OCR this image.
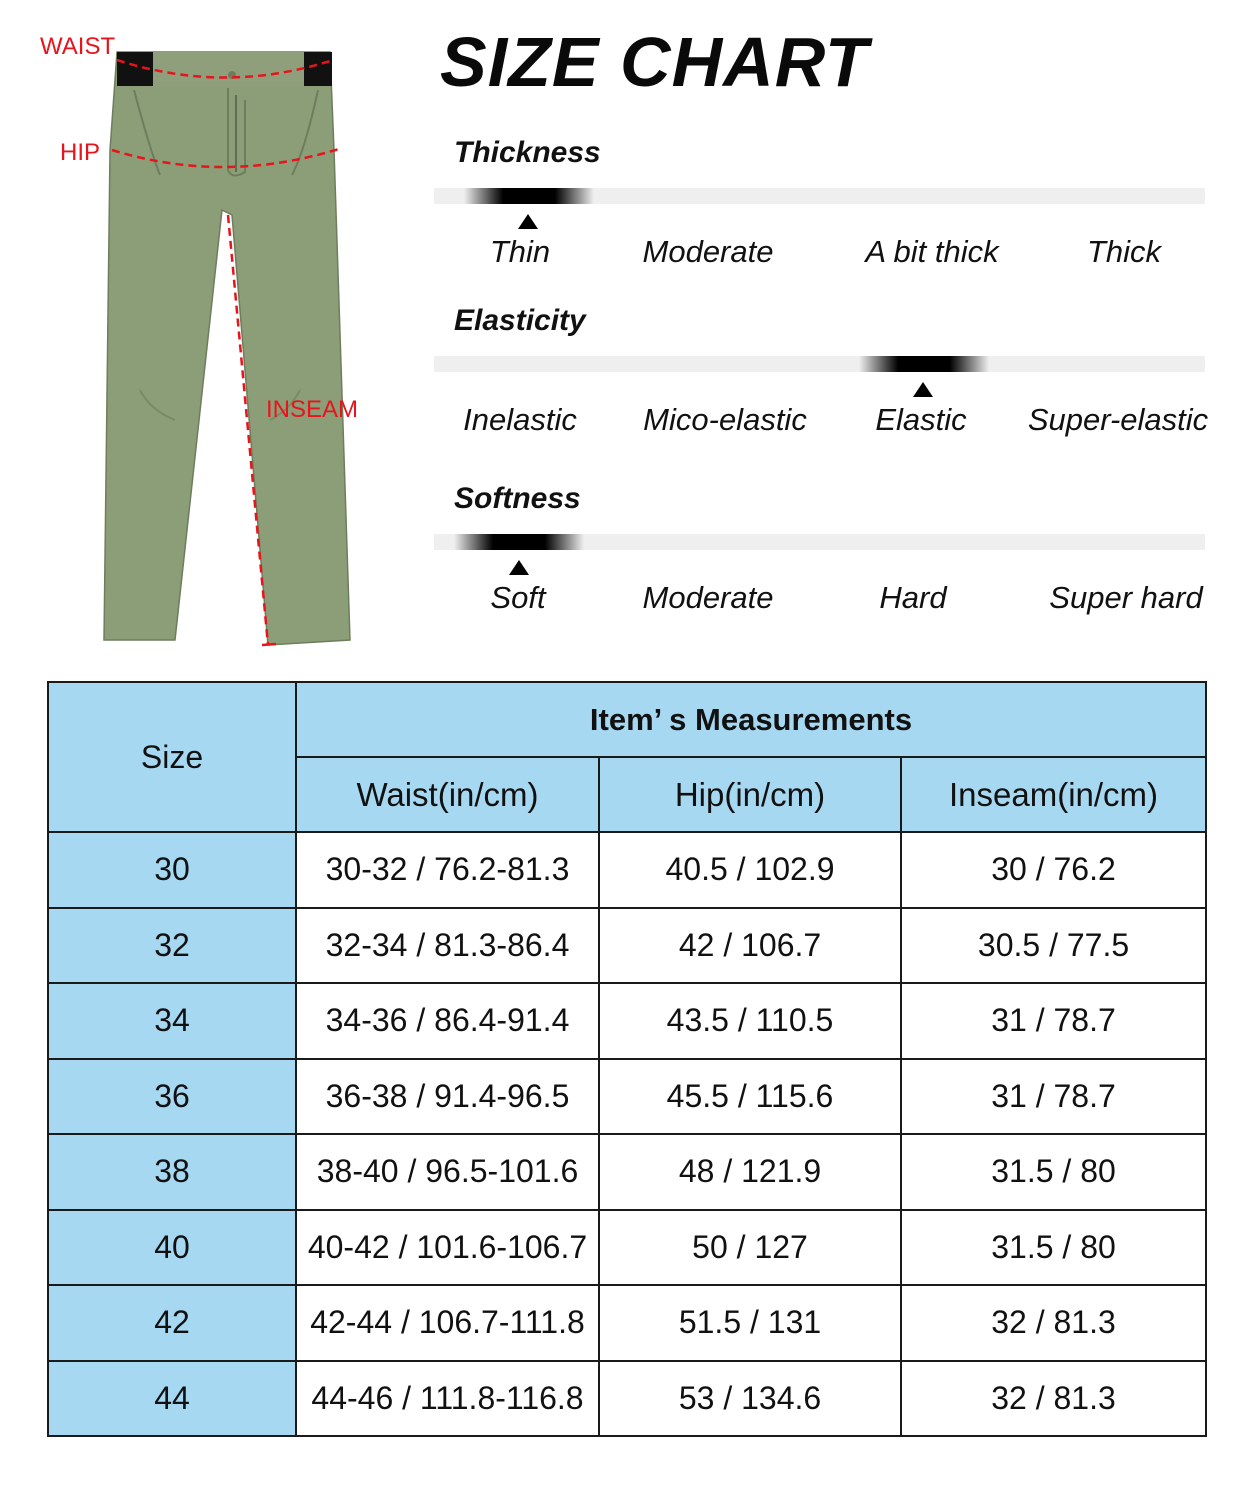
WAIST
HIP
INSEAM
SIZE CHART
Thickness
Thin	Moderate	A bit thick	Thick
Elasticity
Inelastic Mico-elastic Elastic Super-elastic
Softness
Soft	Moderate	Hard	Super hard
Size	Item’ s Measurements		
	Waist(in/cm)	Hip(in/cm)	Inseam(in/cm)
30	30-32 / 76.2-81.3	40.5 / 102.9	30 / 76.2
32	32-34 / 81.3-86.4	42 / 106.7	30.5 / 77.5
34	34-36 / 86.4-91.4	43.5 / 110.5	31 / 78.7
36	36-38 / 91.4-96.5	45.5 / 115.6	31 / 78.7
38	38-40 / 96.5-101.6	48 / 121.9	31.5 / 80
40	40-42 / 101.6-106.7	50 / 127	31.5 / 80
42	42-44 / 106.7-111.8	51.5 / 131	32 / 81.3
44	44-46 / 111.8-116.8	53 / 134.6	32 / 81.3
